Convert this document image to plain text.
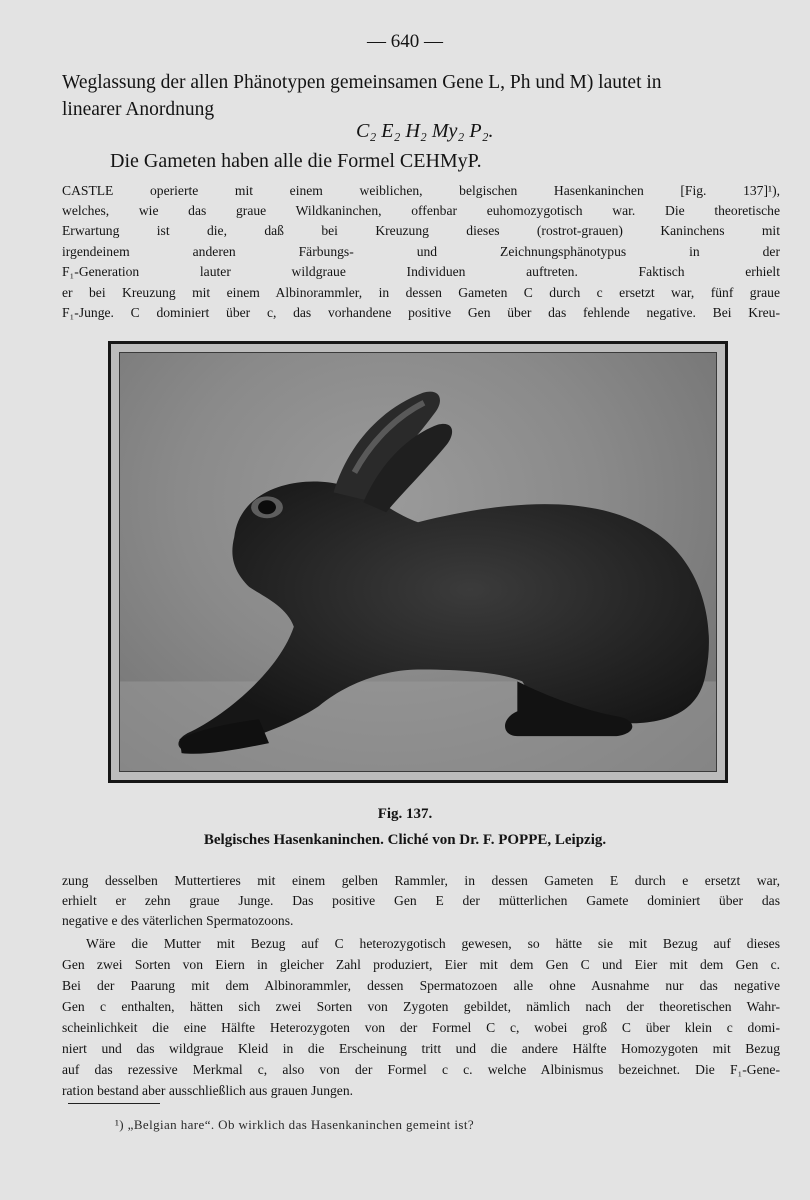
— 640 —
Weglassung der allen Phänotypen gemeinsamen Gene L, Ph und M) lautet in
linearer Anordnung
C₂ E₂ H₂ My₂ P₂.
Die Gameten haben alle die Formel CEHMyP.
CASTLE operierte mit einem weiblichen, belgischen Hasenkaninchen [Fig. 137]¹),
welches, wie das graue Wildkaninchen, offenbar euhomozygotisch war. Die theoretische
Erwartung ist die, daß bei Kreuzung dieses (rostrot-grauen) Kaninchens mit
irgendeinem anderen Färbungs- und Zeichnungsphänotypus in der
F₁-Generation lauter wildgraue Individuen auftreten. Faktisch erhielt
er bei Kreuzung mit einem Albinorammler, in dessen Gameten C durch c ersetzt war, fünf graue
F₁-Junge. C dominiert über c, das vorhandene positive Gen über das fehlende negative. Bei Kreu-
Fig. 137.
Belgisches Hasenkaninchen. Cliché von Dr. F. POPPE, Leipzig.
zung desselben Muttertieres mit einem gelben Rammler, in dessen Gameten E durch e ersetzt war,
erhielt er zehn graue Junge. Das positive Gen E der mütterlichen Gamete dominiert über das
negative e des väterlichen Spermatozoons.
Wäre die Mutter mit Bezug auf C heterozygotisch gewesen, so hätte sie mit Bezug auf dieses
Gen zwei Sorten von Eiern in gleicher Zahl produziert, Eier mit dem Gen C und Eier mit dem Gen c.
Bei der Paarung mit dem Albinorammler, dessen Spermatozoen alle ohne Ausnahme nur das negative
Gen c enthalten, hätten sich zwei Sorten von Zygoten gebildet, nämlich nach der theoretischen Wahr-
scheinlichkeit die eine Hälfte Heterozygoten von der Formel C c, wobei groß C über klein c domi-
niert und das wildgraue Kleid in die Erscheinung tritt und die andere Hälfte Homozygoten mit Bezug
auf das rezessive Merkmal c, also von der Formel c c. welche Albinismus bezeichnet. Die F₁-Gene-
ration bestand aber ausschließlich aus grauen Jungen.
¹) „Belgian hare“. Ob wirklich das Hasenkaninchen gemeint ist?
